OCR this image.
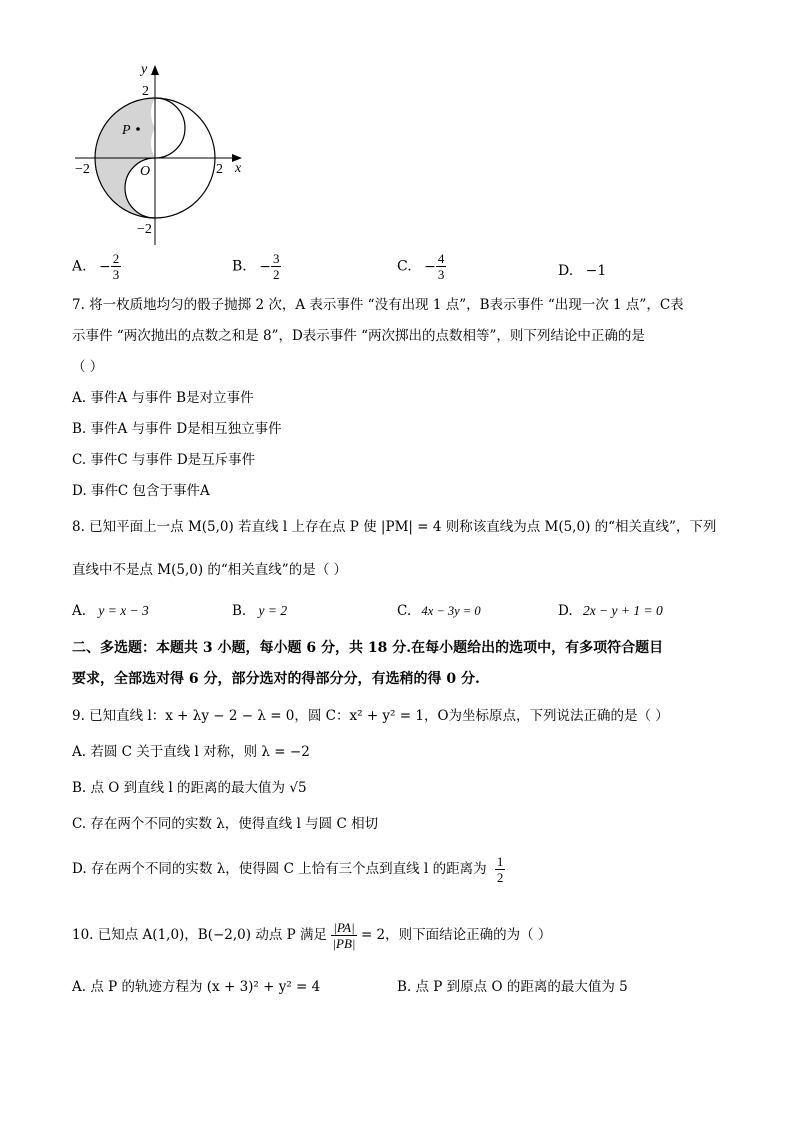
P
y
x
2
−2
−2	2
O
A. − $\frac{2}{3}$	B. − $\frac{3}{2}$	C. − $\frac{4}{3}$	D. −1
7. 将一枚质地均匀的骰子抛掷 2 次，A 表示事件 “没有出现 1 点”，B表示事件 “出现一次 1 点”，C表
示事件 “两次抛出的点数之和是 8”，D表示事件 “两次掷出的点数相等”，则下列结论中正确的是
（ ）
A. 事件A 与事件 B是对立事件
B. 事件A 与事件 D是相互独立事件
C. 事件C 与事件 D是互斥事件
D. 事件C 包含于事件A
8. 已知平面上一点 M(5,0) 若直线 l 上存在点 P 使 |PM| = 4 则称该直线为点 M(5,0) 的“相关直线”，下列
直线中不是点 M(5,0) 的“相关直线”的是（ ）
A. y = x − 3	B. y = 2	C. 4x − 3y = 0	D. 2x − y + 1 = 0
二、多选题：本题共 3 小题，每小题 6 分，共 18 分.在每小题给出的选项中，有多项符合题目
要求，全部选对得 6 分，部分选对的得部分分，有选稍的得 0 分.
9. 已知直线 l：x + λy − 2 − λ = 0，圆 C：x² + y² = 1，O为坐标原点，下列说法正确的是（ ）
A. 若圆 C 关于直线 l 对称，则 λ = −2
B. 点 O 到直线 l 的距离的最大值为 √5
C. 存在两个不同的实数 λ，使得直线 l 与圆 C 相切
D. 存在两个不同的实数 λ，使得圆 C 上恰有三个点到直线 l 的距离为 $\frac{1}{2}$
10. 已知点 A(1,0)，B(−2,0) 动点 P 满足 $\frac{|PA|}{|PB|} = 2$，则下面结论正确的为（ ）
A. 点 P 的轨迹方程为 (x + 3)² + y² = 4	B. 点 P 到原点 O 的距离的最大值为 5
